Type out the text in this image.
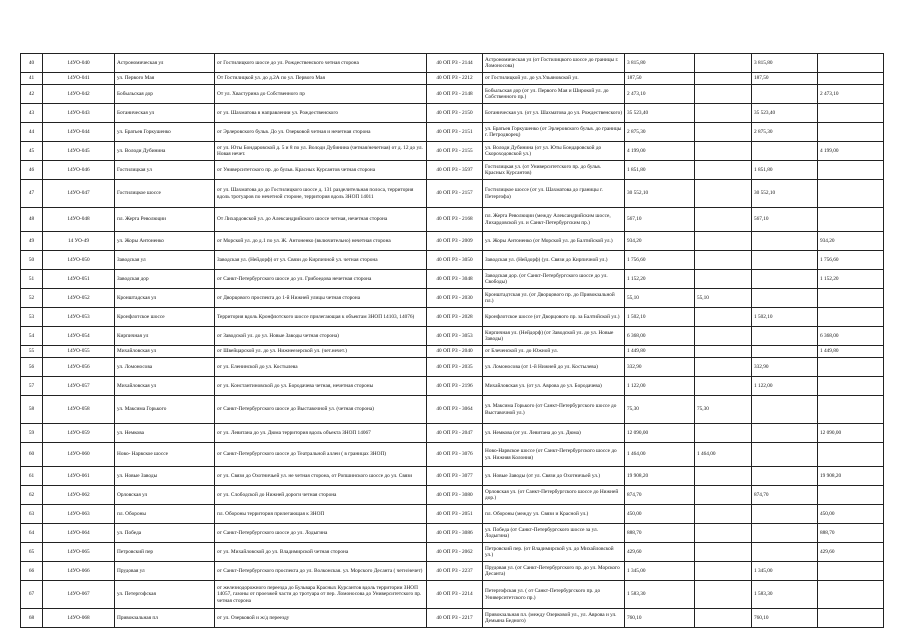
40	14УО-040	Астрономическая ул	от Гостилицкого шоссе до ул. Рождественского четная сторона	40 ОП РЗ - 2144	Астрономическая ул (от Гостилицкого шоссе до границы г. Ломоносова)	3 815,80		3 815,80	
41	14УО-041	ул. Первого Мая	От Гостилицкой ул. до д.2А по ул. Первого Мая	40 ОП РЗ - 2212	от Гостилицкой ул. до ул.Ульяновской ул.	187,50		187,50	
42	14УО-042	Бобыльская дор	От ул. Хвастурина до Собственного пр	40 ОП РЗ - 2148	Бобыльская дор (от ул. Первого Мая и Широкой ул. до Собственного пр.)	2 473,10			2 473,10
43	14УО-043	Ботаническая ул	от ул. Шахматова в направлении ул. Рождественского	40 ОП РЗ - 2150	Ботаническая ул. (от ул. Шахматова до ул. Рождественского)	35 523,40		35 523,40	
44	14УО-044	ул. Братьев Горкушенко	от Эрлеровского бульв. До ул. Озерковой четная и нечетная сторона	40 ОП РЗ - 2151	ул. Братьев Горкушенко (от Эрлеровского бульв. до границы г. Петродворец)	2 875,30		2 875,30	
45	14УО-045	ул. Володи Дубинина	от ул. Юты Бондаровской д. 5 и 8 по ул. Володи Дубинина (четная/нечетная) от д. 12 до ул. Новая нечет.	40 ОП РЗ - 2155	ул. Володи Дубинина (от ул. Юты Бондаровской до Скороходовской ул.)	4 199,00			4 199,00
46	14УО-046	Гостилицкая ул	от Университетского пр. до бульв. Красных Курсантов четная сторона	40 ОП РЗ - 3597	Гостилицкая ул. (от Университетского пр. до бульв. Красных Курсантов)	1 851,80		1 851,80	
47	14УО-047	Гостилицкое шоссе	от ул. Шахматова до до Гостилицкого шоссе д. 131 разделительная полоса, территория вдоль тротуаров по нечетной стороне, территория вдоль ЗНОП 14011	40 ОП РЗ - 2157	Гостилицкое шоссе (от ул. Шахматова до границы г. Петергофа)	30 552,10		30 552,10	
48	14УО-048	пл. Жерта Революции	От Лихардовской ул. до Александрийского шоссе четная, нечетная сторона	40 ОП РЗ - 2168	пл. Жерта Революции (между Александрийским шоссе, Лихардовской ул. и Санкт-Петербургским пр.)	567,10		567,10	
49	14 УО-49	ул. Жоры Антоненко	от Морской ул. до д.1 по ул. Ж. Антоненко (включительно) нечетная сторона	40 ОП РЗ - 2009	ул. Жоры Антоненко (от Морской ул. до Балтийской ул.)	934,20			934,20
50	14УО-050	Заводская ул	Заводская ул. (Нейдорф) от ул. Связи до Кирпичной ул. четная сторона	40 ОП РЗ - 3050	Заводская ул. (Нейдорф) (ул. Связи до Кирпичной ул.)	1 756,60			1 756,60
51	14УО-051	Заводская дор	от Санкт-Петербургского шоссе до ул. Грибоедова нечетная сторона	40 ОП РЗ - 3048	Заводская дор. (от Санкт-Петербургского шоссе до ул. Свободы)	1 152,20			1 152,20
52	14УО-052	Кронштадская ул	от Дворцового проспекта до 1-й Нижней улицы четная сторона	40 ОП РЗ - 2030	Кронштадтская ул. (от Дворцового пр. до Привокзальной пл.)	55,10	55,10		
53	14УО-053	Кронфлотское шоссе	Территория вдоль Кронфлотского шоссе прилегающая к объектам ЗНОП 14103, 14076)	40 ОП РЗ - 2028	Кронфлотское шоссе (от Дворцового пр. за Балтийской ул.)	1 502,10		1 502,10	
54	14УО-054	Кирпичная ул	от Заводской ул. до ул. Новые Заводы четная сторона)	40 ОП РЗ - 3053	Кирпичная ул. (Нейдорф) (от Заводской ул. до ул. Новые Заводы)	6 368,00			6 368,00
55	14УО-055	Михайловская ул	от Швейцарской ул. до ул. Нижнеезерской ул. (чет.нечет.)	40 ОП РЗ - 2040	от Блеченской ул. до Южной ул.	1 449,80			1 449,80
56	14УО-056	ул. Ломоносова	от ул. Еленинской до ул. Костылева	40 ОП РЗ - 2035	ул. Ломоносова (от 1-й Нижней до ул. Костылева)	332,90		332,90	
57	14УО-057	Михайловская ул	от ул. Константиновской до ул. Бородачева четная, нечетная стороны	40 ОП РЗ - 2196	Михайловская ул. (от ул. Аврова до ул. Бородачева)	1 122,00		1 122,00	
58	14УО-058	ул. Максима Горького	от Санкт-Петербургского шоссе до Выставочной ул. (четная сторона)	40 ОП РЗ - 3064	ул. Максима Горького (от Санкт-Петербургского шоссе до Выставочной ул.)	75,30	75,30		
59	14УО-059	ул. Немкова	от ул. Левитана до ул. Дюма территория вдоль объекта ЗНОП 14067	40 ОП РЗ - 2047	ул. Немкова (от ул. Левитана до ул. Дюма)	12 090,00			12 090,00
60	14УО-060	Ново- Нарвское шоссе	от Санкт-Петербургского шоссе до Театральной аллеи ( в границах ЗНОП)	40 ОП РЗ - 3076	Ново-Нарвское шоссе (от Санкт-Петербургского шоссе до ул. Нижняя Колония)	1 464,00	1 464,00		
61	14УО-061	ул. Новые Заводы	от ул. Связи до Охотничьей ул. не четная сторона, от Ропшинского шоссе до ул. Связи	40 ОП РЗ - 3077	ул. Новые Заводы (от ул. Связи до Охотничьей ул.)	19 908,20			19 908,20
62	14УО-062	Орловская ул	от ул. Слободской до Нижней дороги четная сторона	40 ОП РЗ - 3080	Орловская ул. (от Санкт-Петербургского шоссе до Нижней дор.)	874,70		874,70	
63	14УО-063	пл. Обороны	пл. Обороны территория прилегающая к ЗНОП	40 ОП РЗ - 2051	пл. Обороны (между ул. Связи и Красной ул.)	450,00			450,00
64	14УО-064	ул. Победа	от Санкт-Петербургского шоссе до ул. Лодыгина	40 ОП РЗ - 3086	ул. Победа (от Санкт-Петербургского шоссе за ул. Лодыгина)	888,70			888,70
65	14УО-065	Петровский пер	от ул. Михайловской до ул. Владимирской четная сторона	40 ОП РЗ - 2062	Петровский пер. (от Владимирской ул. до Михайловской ул.)	429,60			429,60
66	14УО-066	Прудовая ул	от Санкт-Петербургского проспекта до ул. Волконская. ул. Морского Десанта ( четн/нечет)	40 ОП РЗ - 2237	Прудовая ул. (от Санкт-Петербургского пр. до ул. Морского Десанта)	1 345,00		1 345,00	
67	14УО-067	ул. Петергофская	от железнодорожного переезда до Бульвара Красных Курсантов вдоль территории ЗНОП 14057, газоны от проезжей части до тротуара от пер. Ломоносова до Университетского пр. четная сторона	40 ОП РЗ - 2214	Петергофская ул. ( от Санкт-Петербургского пр. до Университетского пр.)	1 583,30		1 583,30	
68	14УО-068	Привокзальная пл	от ул. Озерковой и ж/д переезду	40 ОП РЗ - 2217	Привокзальная пл. (между Озерковой ул., ул. Аврова и ул. Демьяна Бедного)	760,10		760,10	
